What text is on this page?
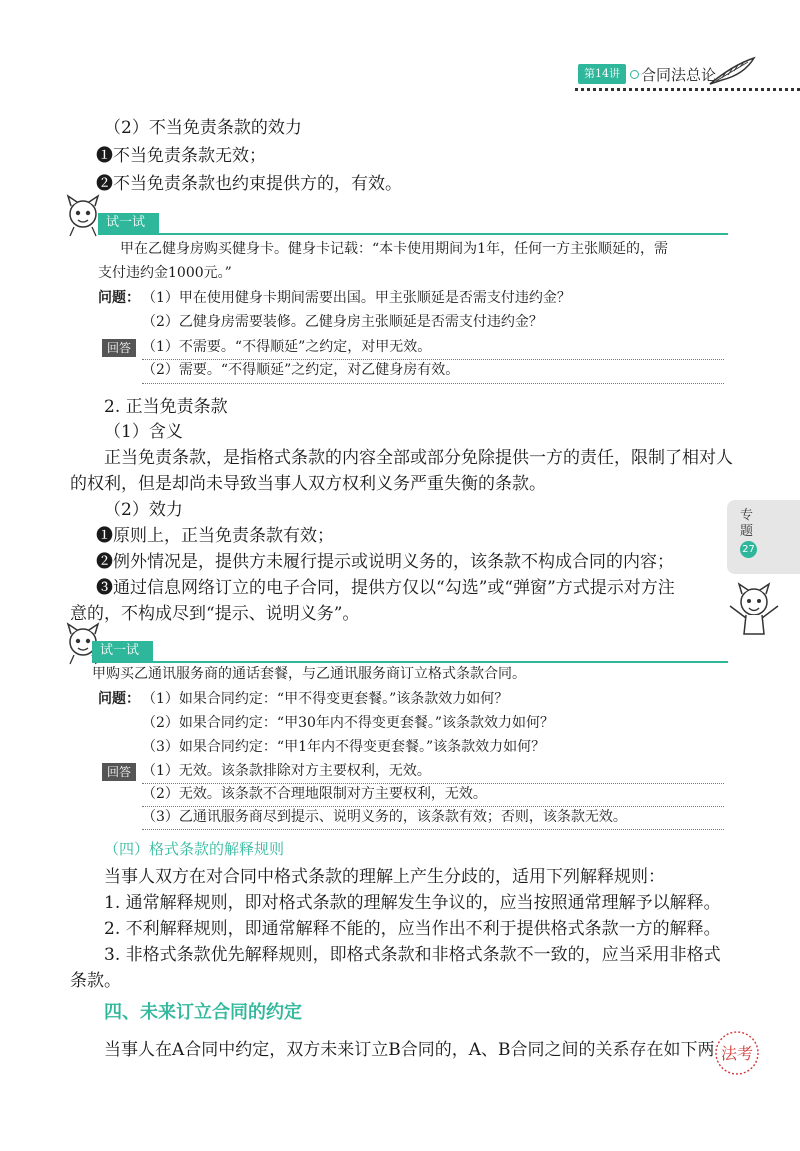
第14讲	合同法总论
（2）不当免责条款的效力
❶不当免责条款无效；
❷不当免责条款也约束提供方的，有效。
试一试
甲在乙健身房购买健身卡。健身卡记载：“本卡使用期间为1年，任何一方主张顺延的，需
支付违约金1000元。”
问题： （1）甲在使用健身卡期间需要出国。甲主张顺延是否需支付违约金？
（2）乙健身房需要装修。乙健身房主张顺延是否需支付违约金？
回答 （1）不需要。“不得顺延”之约定，对甲无效。
（2）需要。“不得顺延”之约定，对乙健身房有效。
2. 正当免责条款
（1）含义
正当免责条款，是指格式条款的内容全部或部分免除提供一方的责任，限制了相对人
的权利，但是却尚未导致当事人双方权利义务严重失衡的条款。
（2）效力
❶原则上，正当免责条款有效；
❷例外情况是，提供方未履行提示或说明义务的，该条款不构成合同的内容；
❸通过信息网络订立的电子合同，提供方仅以“勾选”或“弹窗”方式提示对方注
意的，不构成尽到“提示、说明义务”。
专题
27
试一试
甲购买乙通讯服务商的通话套餐，与乙通讯服务商订立格式条款合同。
问题： （1）如果合同约定：“甲不得变更套餐。”该条款效力如何？
（2）如果合同约定：“甲30年内不得变更套餐。”该条款效力如何？
（3）如果合同约定：“甲1年内不得变更套餐。”该条款效力如何？
回答 （1）无效。该条款排除对方主要权利，无效。
（2）无效。该条款不合理地限制对方主要权利，无效。
（3）乙通讯服务商尽到提示、说明义务的，该条款有效；否则，该条款无效。
（四）格式条款的解释规则
当事人双方在对合同中格式条款的理解上产生分歧的，适用下列解释规则：
1. 通常解释规则，即对格式条款的理解发生争议的，应当按照通常理解予以解释。
2. 不利解释规则，即通常解释不能的，应当作出不利于提供格式条款一方的解释。
3. 非格式条款优先解释规则，即格式条款和非格式条款不一致的，应当采用非格式
条款。
四、未来订立合同的约定
当事人在A合同中约定，双方未来订立B合同的，A、B合同之间的关系存在如下两 法考
